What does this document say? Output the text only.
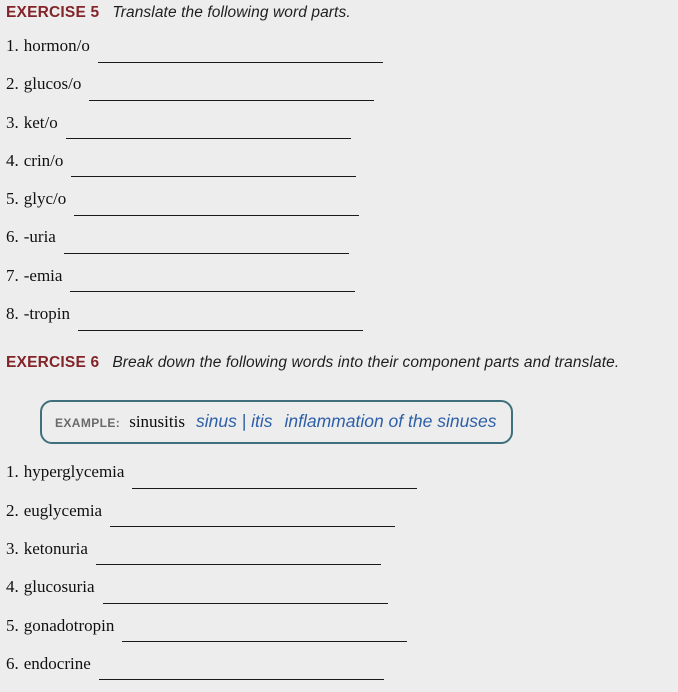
EXERCISE 5 Translate the following word parts.
1. hormon/o
2. glucos/o
3. ket/o
4. crin/o
5. glyc/o
6. -uria
7. -emia
8. -tropin
EXERCISE 6 Break down the following words into their component parts and translate.
EXAMPLE: sinusitis sinus | itis inflammation of the sinuses
1. hyperglycemia
2. euglycemia
3. ketonuria
4. glucosuria
5. gonadotropin
6. endocrine
